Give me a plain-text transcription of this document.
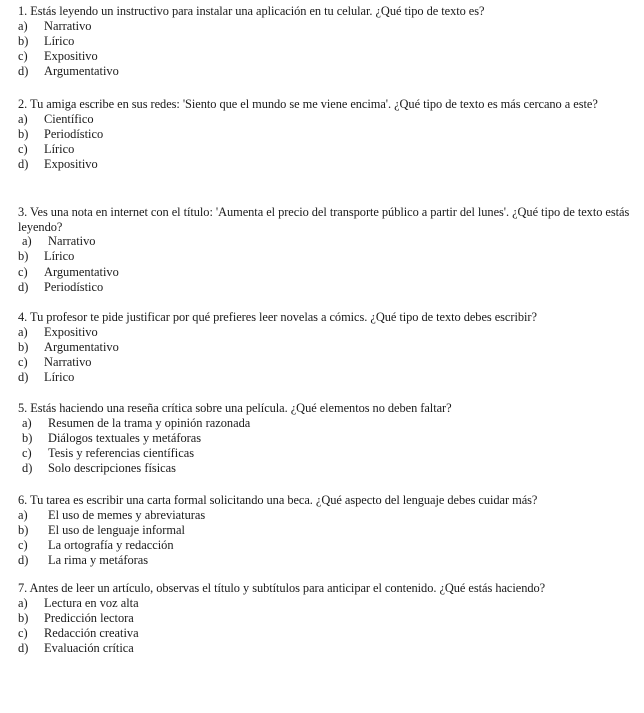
1. Estás leyendo un instructivo para instalar una aplicación en tu celular. ¿Qué tipo de texto es?

a)	Narrativo
b)	Lírico
c)	Expositivo
d)	Argumentativo

2. Tu amiga escribe en sus redes: 'Siento que el mundo se me viene encima'. ¿Qué tipo de texto es más cercano a este?

a)	Científico
b)	Periodístico
c)	Lírico
d)	Expositivo

3. Ves una nota en internet con el título: 'Aumenta el precio del transporte público a partir del lunes'. ¿Qué tipo de texto estás leyendo?

a)	Narrativo
b)	Lírico
c)	Argumentativo
d)	Periodístico

4. Tu profesor te pide justificar por qué prefieres leer novelas a cómics. ¿Qué tipo de texto debes escribir?

a)	Expositivo
b)	Argumentativo
c)	Narrativo
d)	Lírico

5. Estás haciendo una reseña crítica sobre una película. ¿Qué elementos no deben faltar?

a)	Resumen de la trama y opinión razonada
b)	Diálogos textuales y metáforas
c)	Tesis y referencias científicas
d)	Solo descripciones físicas

6. Tu tarea es escribir una carta formal solicitando una beca. ¿Qué aspecto del lenguaje debes cuidar más?

a)	El uso de memes y abreviaturas
b)	El uso de lenguaje informal
c)	La ortografía y redacción
d)	La rima y metáforas

7. Antes de leer un artículo, observas el título y subtítulos para anticipar el contenido. ¿Qué estás haciendo?

a)	Lectura en voz alta
b)	Predicción lectora
c)	Redacción creativa
d)	Evaluación crítica
